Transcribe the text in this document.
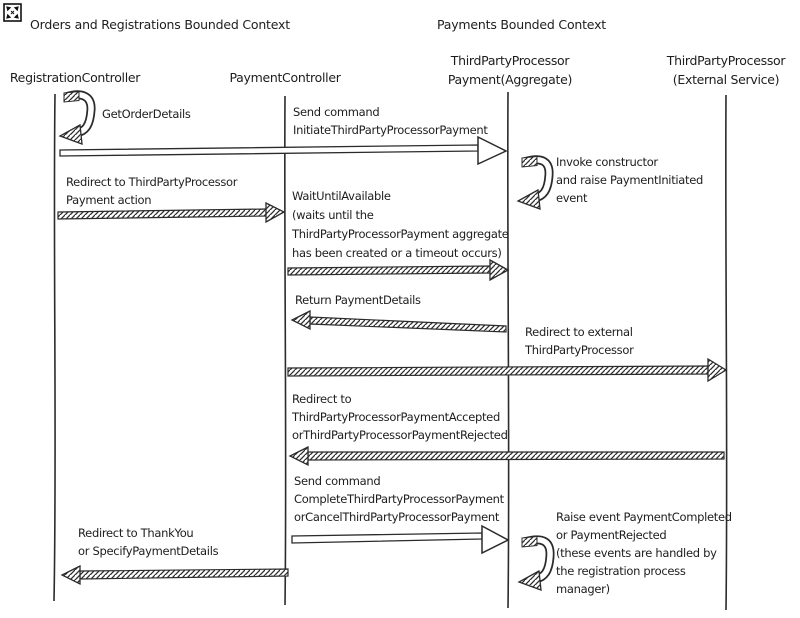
Orders and Registrations Bounded Context	Payments Bounded Context
RegistrationController	PaymentController
ThirdPartyProcessor
Payment(Aggregate)
ThirdPartyProcessor
(External Service)
GetOrderDetails	Send command
InitiateThirdPartyProcessorPayment
Invoke constructor
and raise PaymentInitiated
event
Redirect to ThirdPartyProcessor
Payment action	WaitUntilAvailable
(waits until the
ThirdPartyProcessorPayment aggregate
has been created or a timeout occurs)
Return PaymentDetails
Redirect to external
ThirdPartyProcessor
Redirect to
ThirdPartyProcessorPaymentAccepted
orThirdPartyProcessorPaymentRejected
Send command
CompleteThirdPartyProcessorPayment
orCancelThirdPartyProcessorPayment	Raise event PaymentCompleted
or PaymentRejected
(these events are handled by
the registration process
manager)
Redirect to ThankYou
or SpecifyPaymentDetails
